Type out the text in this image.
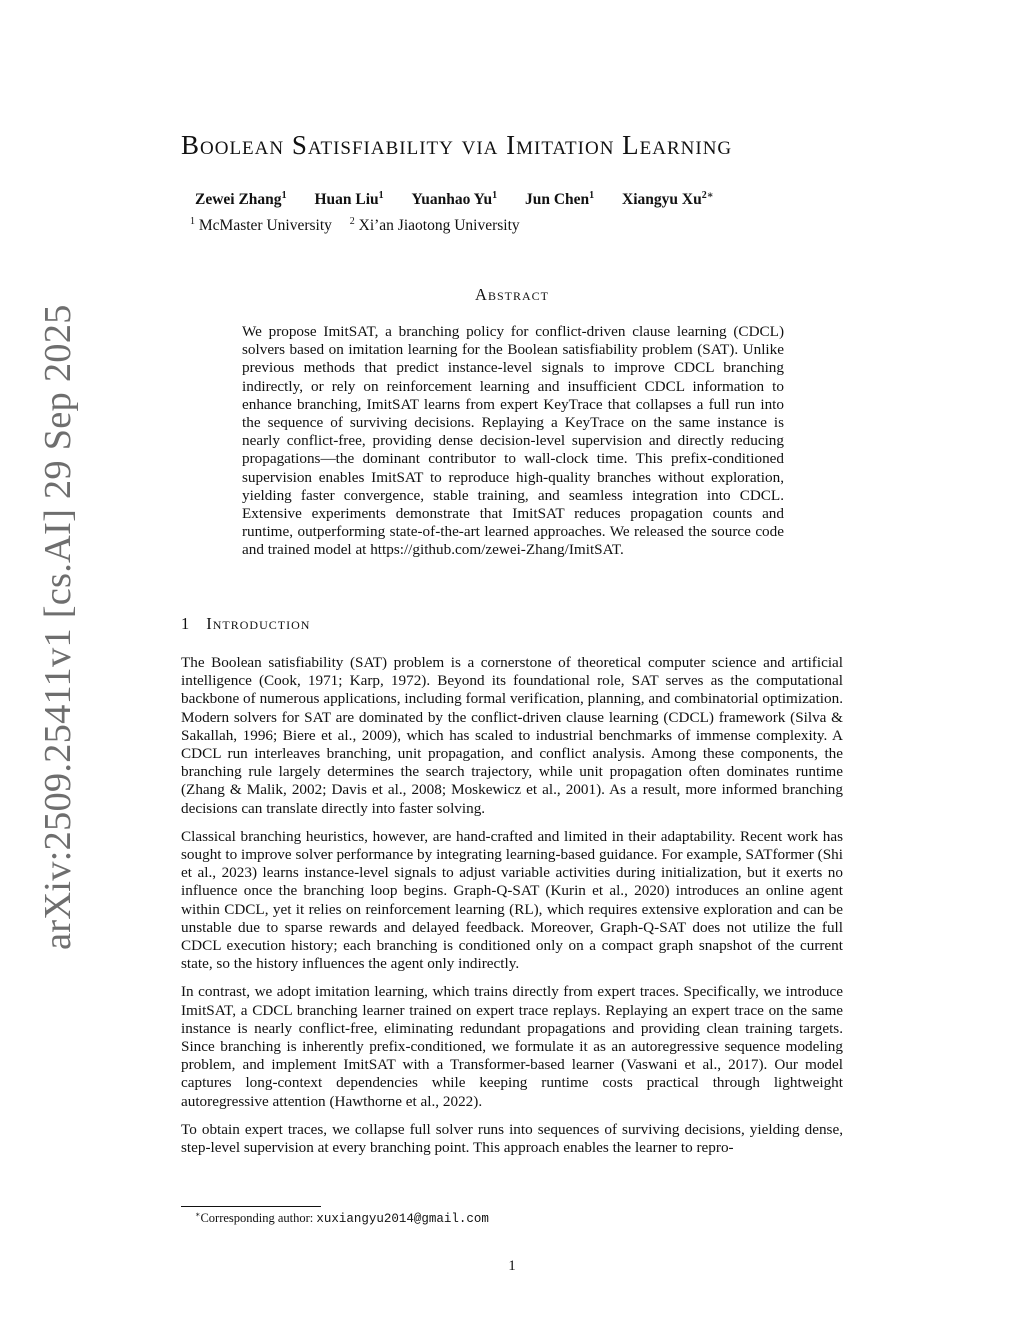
arXiv:2509.25411v1 [cs.AI] 29 Sep 2025
Boolean Satisfiability via Imitation Learning
Zewei Zhang$^1$ Huan Liu$^1$ Yuanhao Yu$^1$ Jun Chen$^1$ Xiangyu $Xu^{2∗}$
$^1$ McMaster University $^2$ Xi’an Jiaotong University
Abstract

We propose ImitSAT, a branching policy for conflict-driven clause learning (CDCL) solvers based on imitation learning for the Boolean satisfiability problem (SAT). Unlike previous methods that predict instance-level signals to improve CDCL branching indirectly, or rely on reinforcement learning and insufficient CDCL information to enhance branching, ImitSAT learns from expert KeyTrace that collapses a full run into the sequence of surviving decisions. Replaying a KeyTrace on the same instance is nearly conflict-free, providing dense decision-level supervision and directly reducing propagations—the dominant contributor to wall-clock time. This prefix-conditioned supervision enables ImitSAT to reproduce high-quality branches without exploration, yielding faster convergence, stable training, and seamless integration into CDCL. Extensive experiments demonstrate that ImitSAT reduces propagation counts and runtime, outperforming state-of-the-art learned approaches. We released the source code and trained model at https://github.com/zewei-Zhang/ImitSAT.

1 Introduction

The Boolean satisfiability (SAT) problem is a cornerstone of theoretical computer science and artificial intelligence (Cook, 1971; Karp, 1972). Beyond its foundational role, SAT serves as the computational backbone of numerous applications, including formal verification, planning, and combinatorial optimization. Modern solvers for SAT are dominated by the conflict-driven clause learning (CDCL) framework (Silva & Sakallah, 1996; Biere et al., 2009), which has scaled to industrial benchmarks of immense complexity. A CDCL run interleaves branching, unit propagation, and conflict analysis. Among these components, the branching rule largely determines the search trajectory, while unit propagation often dominates runtime (Zhang & Malik, 2002; Davis et al., 2008; Moskewicz et al., 2001). As a result, more informed branching decisions can translate directly into faster solving.

Classical branching heuristics, however, are hand-crafted and limited in their adaptability. Recent work has sought to improve solver performance by integrating learning-based guidance. For example, SATformer (Shi et al., 2023) learns instance-level signals to adjust variable activities during initialization, but it exerts no influence once the branching loop begins. Graph-Q-SAT (Kurin et al., 2020) introduces an online agent within CDCL, yet it relies on reinforcement learning (RL), which requires extensive exploration and can be unstable due to sparse rewards and delayed feedback. Moreover, Graph-Q-SAT does not utilize the full CDCL execution history; each branching is conditioned only on a compact graph snapshot of the current state, so the history influences the agent only indirectly.

In contrast, we adopt imitation learning, which trains directly from expert traces. Specifically, we introduce ImitSAT, a CDCL branching learner trained on expert trace replays. Replaying an expert trace on the same instance is nearly conflict-free, eliminating redundant propagations and providing clean training targets. Since branching is inherently prefix-conditioned, we formulate it as an autoregressive sequence modeling problem, and implement ImitSAT with a Transformer-based learner (Vaswani et al., 2017). Our model captures long-context dependencies while keeping runtime costs practical through lightweight autoregressive attention (Hawthorne et al., 2022).

To obtain expert traces, we collapse full solver runs into sequences of surviving decisions, yielding dense, step-level supervision at every branching point. This approach enables the learner to repro-

∗Corresponding author: xuxiangyu2014@gmail.com
1
